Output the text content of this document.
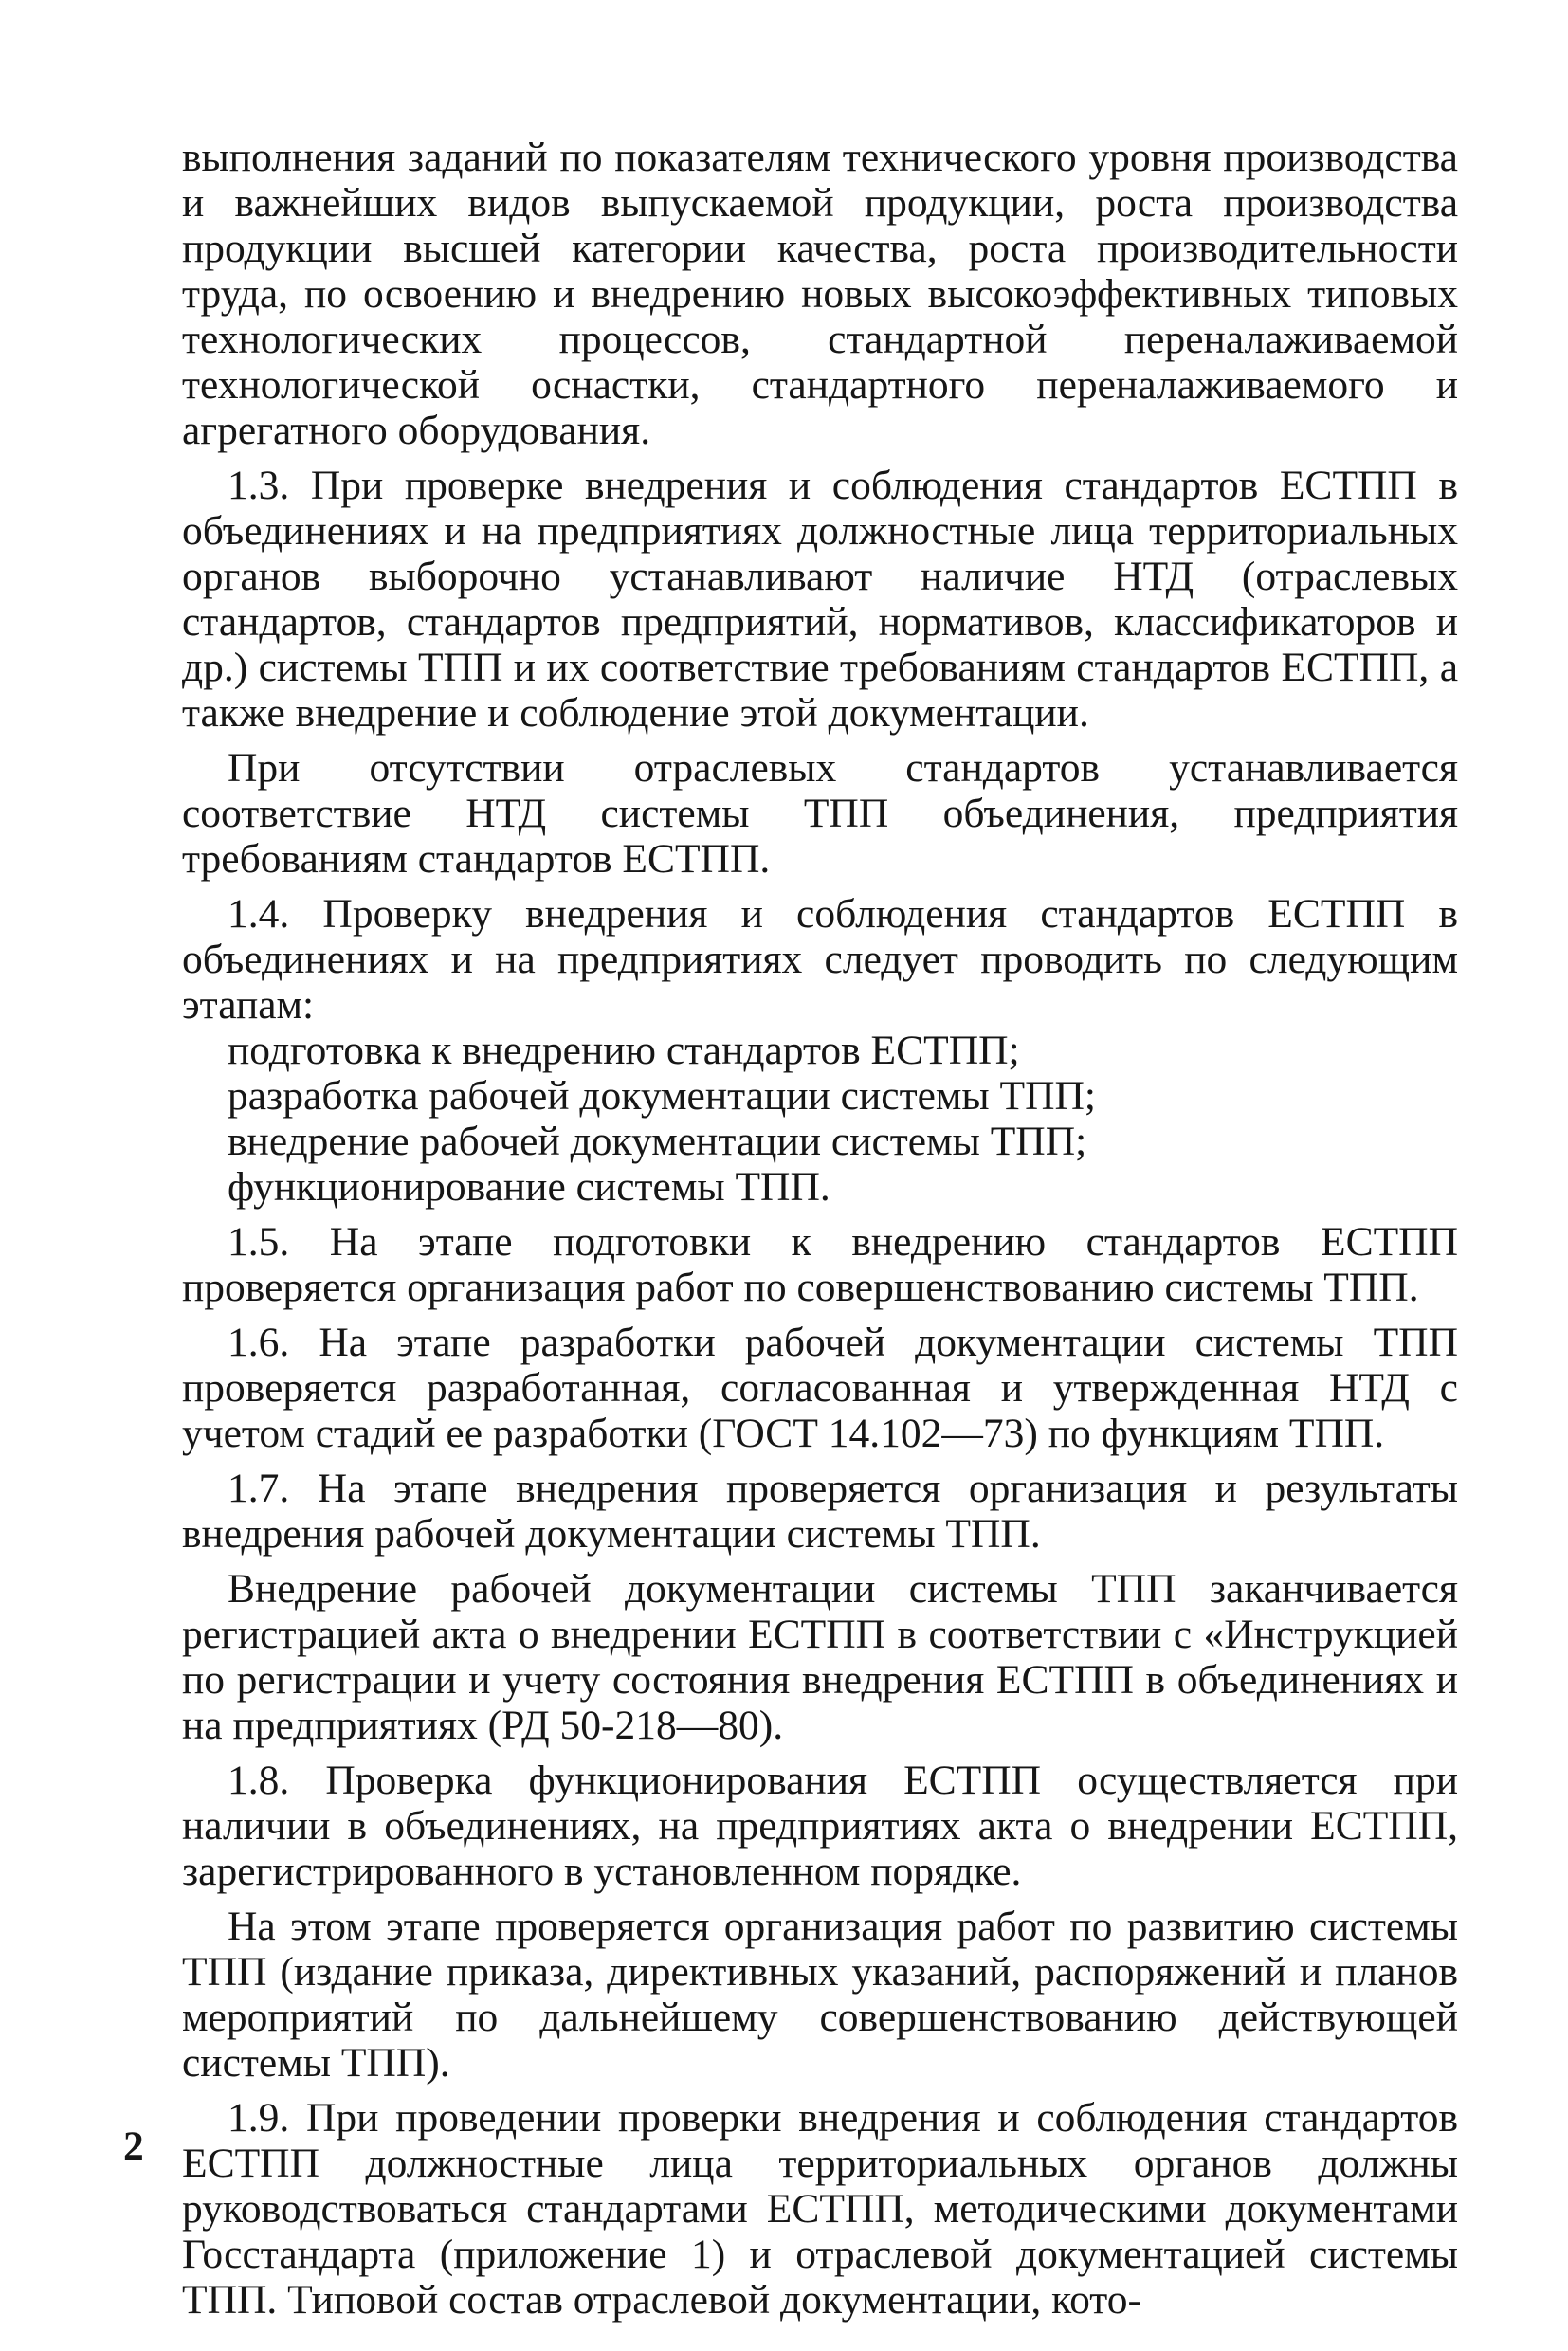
выполнения заданий по показателям технического уровня производства и важнейших видов выпускаемой продукции, роста производства продукции высшей категории качества, роста производительности труда, по освоению и внедрению новых высокоэффективных типовых технологических процессов, стандартной переналаживаемой технологической оснастки, стандартного переналаживаемого и агрегатного оборудования.

1.3. При проверке внедрения и соблюдения стандартов ЕСТПП в объединениях и на предприятиях должностные лица территориальных органов выборочно устанавливают наличие НТД (отраслевых стандартов, стандартов предприятий, нормативов, классификаторов и др.) системы ТПП и их соответствие требованиям стандартов ЕСТПП, а также внедрение и соблюдение этой документации.

При отсутствии отраслевых стандартов устанавливается соответствие НТД системы ТПП объединения, предприятия требованиям стандартов ЕСТПП.

1.4. Проверку внедрения и соблюдения стандартов ЕСТПП в объединениях и на предприятиях следует проводить по следующим этапам:

подготовка к внедрению стандартов ЕСТПП;

разработка рабочей документации системы ТПП;

внедрение рабочей документации системы ТПП;

функционирование системы ТПП.

1.5. На этапе подготовки к внедрению стандартов ЕСТПП проверяется организация работ по совершенствованию системы ТПП.

1.6. На этапе разработки рабочей документации системы ТПП проверяется разработанная, согласованная и утвержденная НТД с учетом стадий ее разработки (ГОСТ 14.102—73) по функциям ТПП.

1.7. На этапе внедрения проверяется организация и результаты внедрения рабочей документации системы ТПП.

Внедрение рабочей документации системы ТПП заканчивается регистрацией акта о внедрении ЕСТПП в соответствии с «Инструкцией по регистрации и учету состояния внедрения ЕСТПП в объединениях и на предприятиях (РД 50-218—80).

1.8. Проверка функционирования ЕСТПП осуществляется при наличии в объединениях, на предприятиях акта о внедрении ЕСТПП, зарегистрированного в установленном порядке.

На этом этапе проверяется организация работ по развитию системы ТПП (издание приказа, директивных указаний, распоряжений и планов мероприятий по дальнейшему совершенствованию действующей системы ТПП).

1.9. При проведении проверки внедрения и соблюдения стандартов ЕСТПП должностные лица территориальных органов должны руководствоваться стандартами ЕСТПП, методическими документами Госстандарта (приложение 1) и отраслевой документацией системы ТПП. Типовой состав отраслевой документации, кото-

2
